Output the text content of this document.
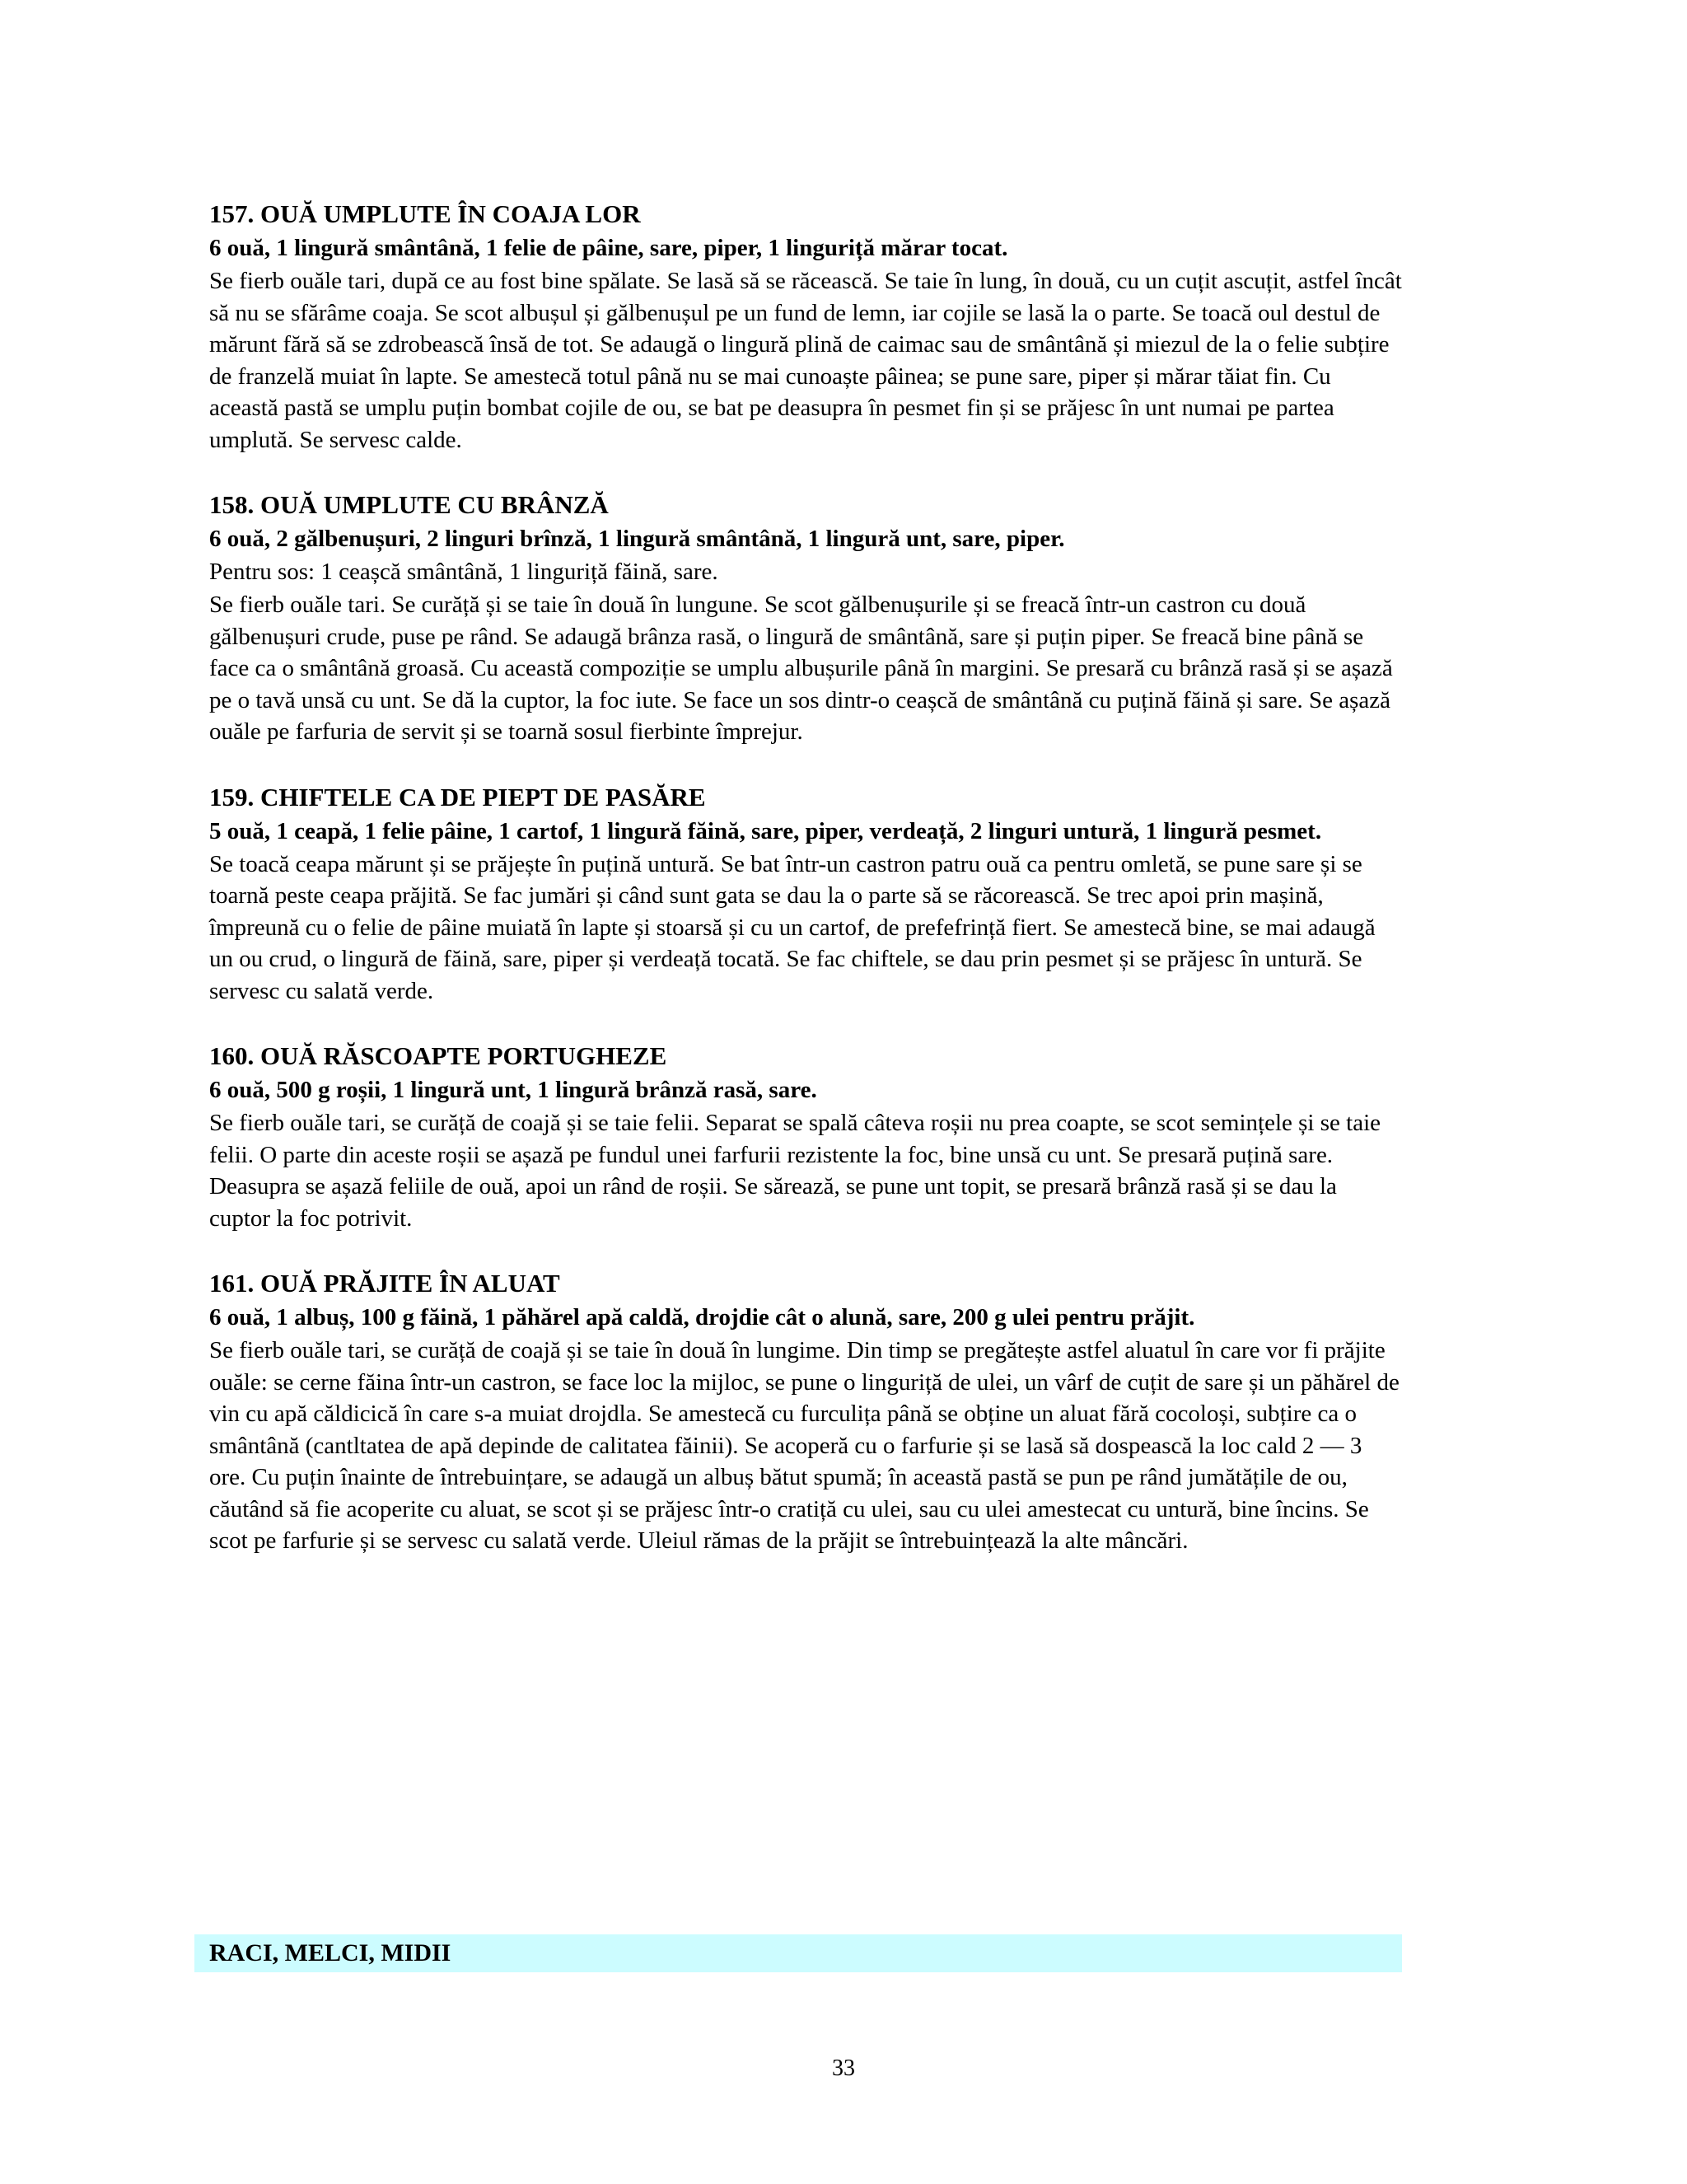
157. OUĂ UMPLUTE ÎN COAJA LOR

6 ouă, 1 lingură smântână, 1 felie de pâine, sare, piper, 1 linguriță mărar tocat.

Se fierb ouăle tari, după ce au fost bine spălate. Se lasă să se răcească. Se taie în lung, în două, cu un cuțit ascuțit, astfel încât să nu se sfărâme coaja. Se scot albușul și gălbenușul pe un fund de lemn, iar cojile se lasă la o parte. Se toacă oul destul de mărunt fără să se zdrobească însă de tot. Se adaugă o lingură plină de caimac sau de smântână și miezul de la o felie subțire de franzelă muiat în lapte. Se amestecă totul până nu se mai cunoaște pâinea; se pune sare, piper și mărar tăiat fin. Cu această pastă se umplu puțin bombat cojile de ou, se bat pe deasupra în pesmet fin și se prăjesc în unt numai pe partea umplută. Se servesc calde.

158. OUĂ UMPLUTE CU BRÂNZĂ

6 ouă, 2 gălbenușuri, 2 linguri brînză, 1 lingură smântână, 1 lingură unt, sare, piper.

Pentru sos: 1 ceașcă smântână, 1 linguriță făină, sare.

Se fierb ouăle tari. Se curăță și se taie în două în lungune. Se scot gălbenușurile și se freacă într-un castron cu două gălbenușuri crude, puse pe rând. Se adaugă brânza rasă, o lingură de smântână, sare și puțin piper. Se freacă bine până se face ca o smântână groasă. Cu această compoziție se umplu albușurile până în margini. Se presară cu brânză rasă și se așază pe o tavă unsă cu unt. Se dă la cuptor, la foc iute. Se face un sos dintr-o ceașcă de smântână cu puțină făină și sare. Se așază ouăle pe farfuria de servit și se toarnă sosul fierbinte împrejur.

159. CHIFTELE CA DE PIEPT DE PASĂRE

5 ouă, 1 ceapă, 1 felie pâine, 1 cartof, 1 lingură făină, sare, piper, verdeață, 2 linguri untură, 1 lingură pesmet.

Se toacă ceapa mărunt și se prăjește în puțină untură. Se bat într-un castron patru ouă ca pentru omletă, se pune sare și se toarnă peste ceapa prăjită. Se fac jumări și când sunt gata se dau la o parte să se răcorească. Se trec apoi prin mașină, împreună cu o felie de pâine muiată în lapte și stoarsă și cu un cartof, de prefefrință fiert. Se amestecă bine, se mai adaugă un ou crud, o lingură de făină, sare, piper și verdeață tocată. Se fac chiftele, se dau prin pesmet și se prăjesc în untură. Se servesc cu salată verde.

160. OUĂ RĂSCOAPTE PORTUGHEZE

6 ouă, 500 g roșii, 1 lingură unt, 1 lingură brânză rasă, sare.

Se fierb ouăle tari, se curăță de coajă și se taie felii. Separat se spală câteva roșii nu prea coapte, se scot semințele și se taie felii. O parte din aceste roșii se așază pe fundul unei farfurii rezistente la foc, bine unsă cu unt. Se presară puțină sare. Deasupra se așază feliile de ouă, apoi un rând de roșii. Se sărează, se pune unt topit, se presară brânză rasă și se dau la cuptor la foc potrivit.

161. OUĂ PRĂJITE ÎN ALUAT

6 ouă, 1 albuș, 100 g făină, 1 păhărel apă caldă, drojdie cât o alună, sare, 200 g ulei pentru prăjit.

Se fierb ouăle tari, se curăță de coajă și se taie în două în lungime. Din timp se pregătește astfel aluatul în care vor fi prăjite ouăle: se cerne făina într-un castron, se face loc la mijloc, se pune o linguriță de ulei, un vârf de cuțit de sare și un păhărel de vin cu apă căldicică în care s-a muiat drojdla. Se amestecă cu furculița până se obține un aluat fără cocoloși, subțire ca o smântână (cantltatea de apă depinde de calitatea făinii). Se acoperă cu o farfurie și se lasă să dospească la loc cald 2 — 3 ore. Cu puțin înainte de întrebuințare, se adaugă un albuș bătut spumă; în această pastă se pun pe rând jumătățile de ou, căutând să fie acoperite cu aluat, se scot și se prăjesc într-o cratiță cu ulei, sau cu ulei amestecat cu untură, bine încins. Se scot pe farfurie și se servesc cu salată verde. Uleiul rămas de la prăjit se întrebuințează la alte mâncări.

RACI, MELCI, MIDII
33
